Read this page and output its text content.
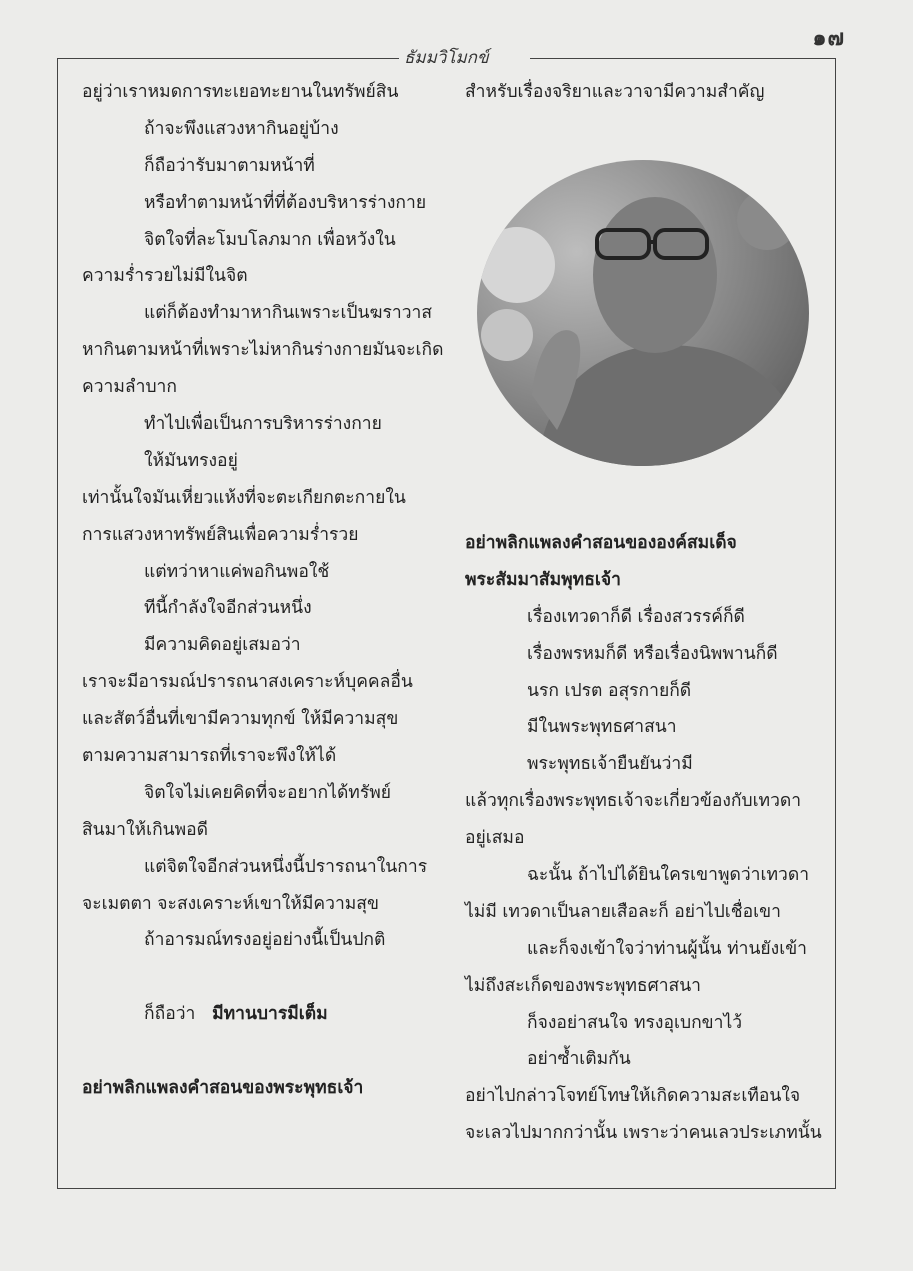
๑๗
ธัมมวิโมกข์
อยู่ว่าเราหมดการทะเยอทะยานในทรัพย์สิน
ถ้าจะพึงแสวงหากินอยู่บ้าง
ก็ถือว่ารับมาตามหน้าที่
หรือทำตามหน้าที่ที่ต้องบริหารร่างกาย
จิตใจที่ละโมบโลภมาก เพื่อหวังใน
ความร่ำรวยไม่มีในจิต
แต่ก็ต้องทำมาหากินเพราะเป็นฆราวาส
หากินตามหน้าที่เพราะไม่หากินร่างกายมันจะเกิด
ความลำบาก
ทำไปเพื่อเป็นการบริหารร่างกาย
ให้มันทรงอยู่
เท่านั้นใจมันเหี่ยวแห้งที่จะตะเกียกตะกายใน
การแสวงหาทรัพย์สินเพื่อความร่ำรวย
แต่ทว่าหาแค่พอกินพอใช้
ทีนี้กำลังใจอีกส่วนหนึ่ง
มีความคิดอยู่เสมอว่า
เราจะมีอารมณ์ปรารถนาสงเคราะห์บุคคลอื่น
และสัตว์อื่นที่เขามีความทุกข์ ให้มีความสุข
ตามความสามารถที่เราจะพึงให้ได้
จิตใจไม่เคยคิดที่จะอยากได้ทรัพย์
สินมาให้เกินพอดี
แต่จิตใจอีกส่วนหนึ่งนี้ปรารถนาในการ
จะเมตตา จะสงเคราะห์เขาให้มีความสุข
ถ้าอารมณ์ทรงอยู่อย่างนี้เป็นปกติ
ก็ถือว่า มีทานบารมีเต็ม
อย่าพลิกแพลงคำสอนของพระพุทธเจ้า
สำหรับเรื่องจริยาและวาจามีความสำคัญ
อย่าพลิกแพลงคำสอนขององค์สมเด็จ
พระสัมมาสัมพุทธเจ้า
เรื่องเทวดาก็ดี เรื่องสวรรค์ก็ดี
เรื่องพรหมก็ดี หรือเรื่องนิพพานก็ดี
นรก เปรต อสุรกายก็ดี
มีในพระพุทธศาสนา
พระพุทธเจ้ายืนยันว่ามี
แล้วทุกเรื่องพระพุทธเจ้าจะเกี่ยวข้องกับเทวดา
อยู่เสมอ
ฉะนั้น ถ้าไปได้ยินใครเขาพูดว่าเทวดา
ไม่มี เทวดาเป็นลายเสือละก็ อย่าไปเชื่อเขา
และก็จงเข้าใจว่าท่านผู้นั้น ท่านยังเข้า
ไม่ถึงสะเก็ดของพระพุทธศาสนา
ก็จงอย่าสนใจ ทรงอุเบกขาไว้
อย่าซ้ำเติมกัน
อย่าไปกล่าวโจทย์โทษให้เกิดความสะเทือนใจ
จะเลวไปมากกว่านั้น เพราะว่าคนเลวประเภทนั้น
